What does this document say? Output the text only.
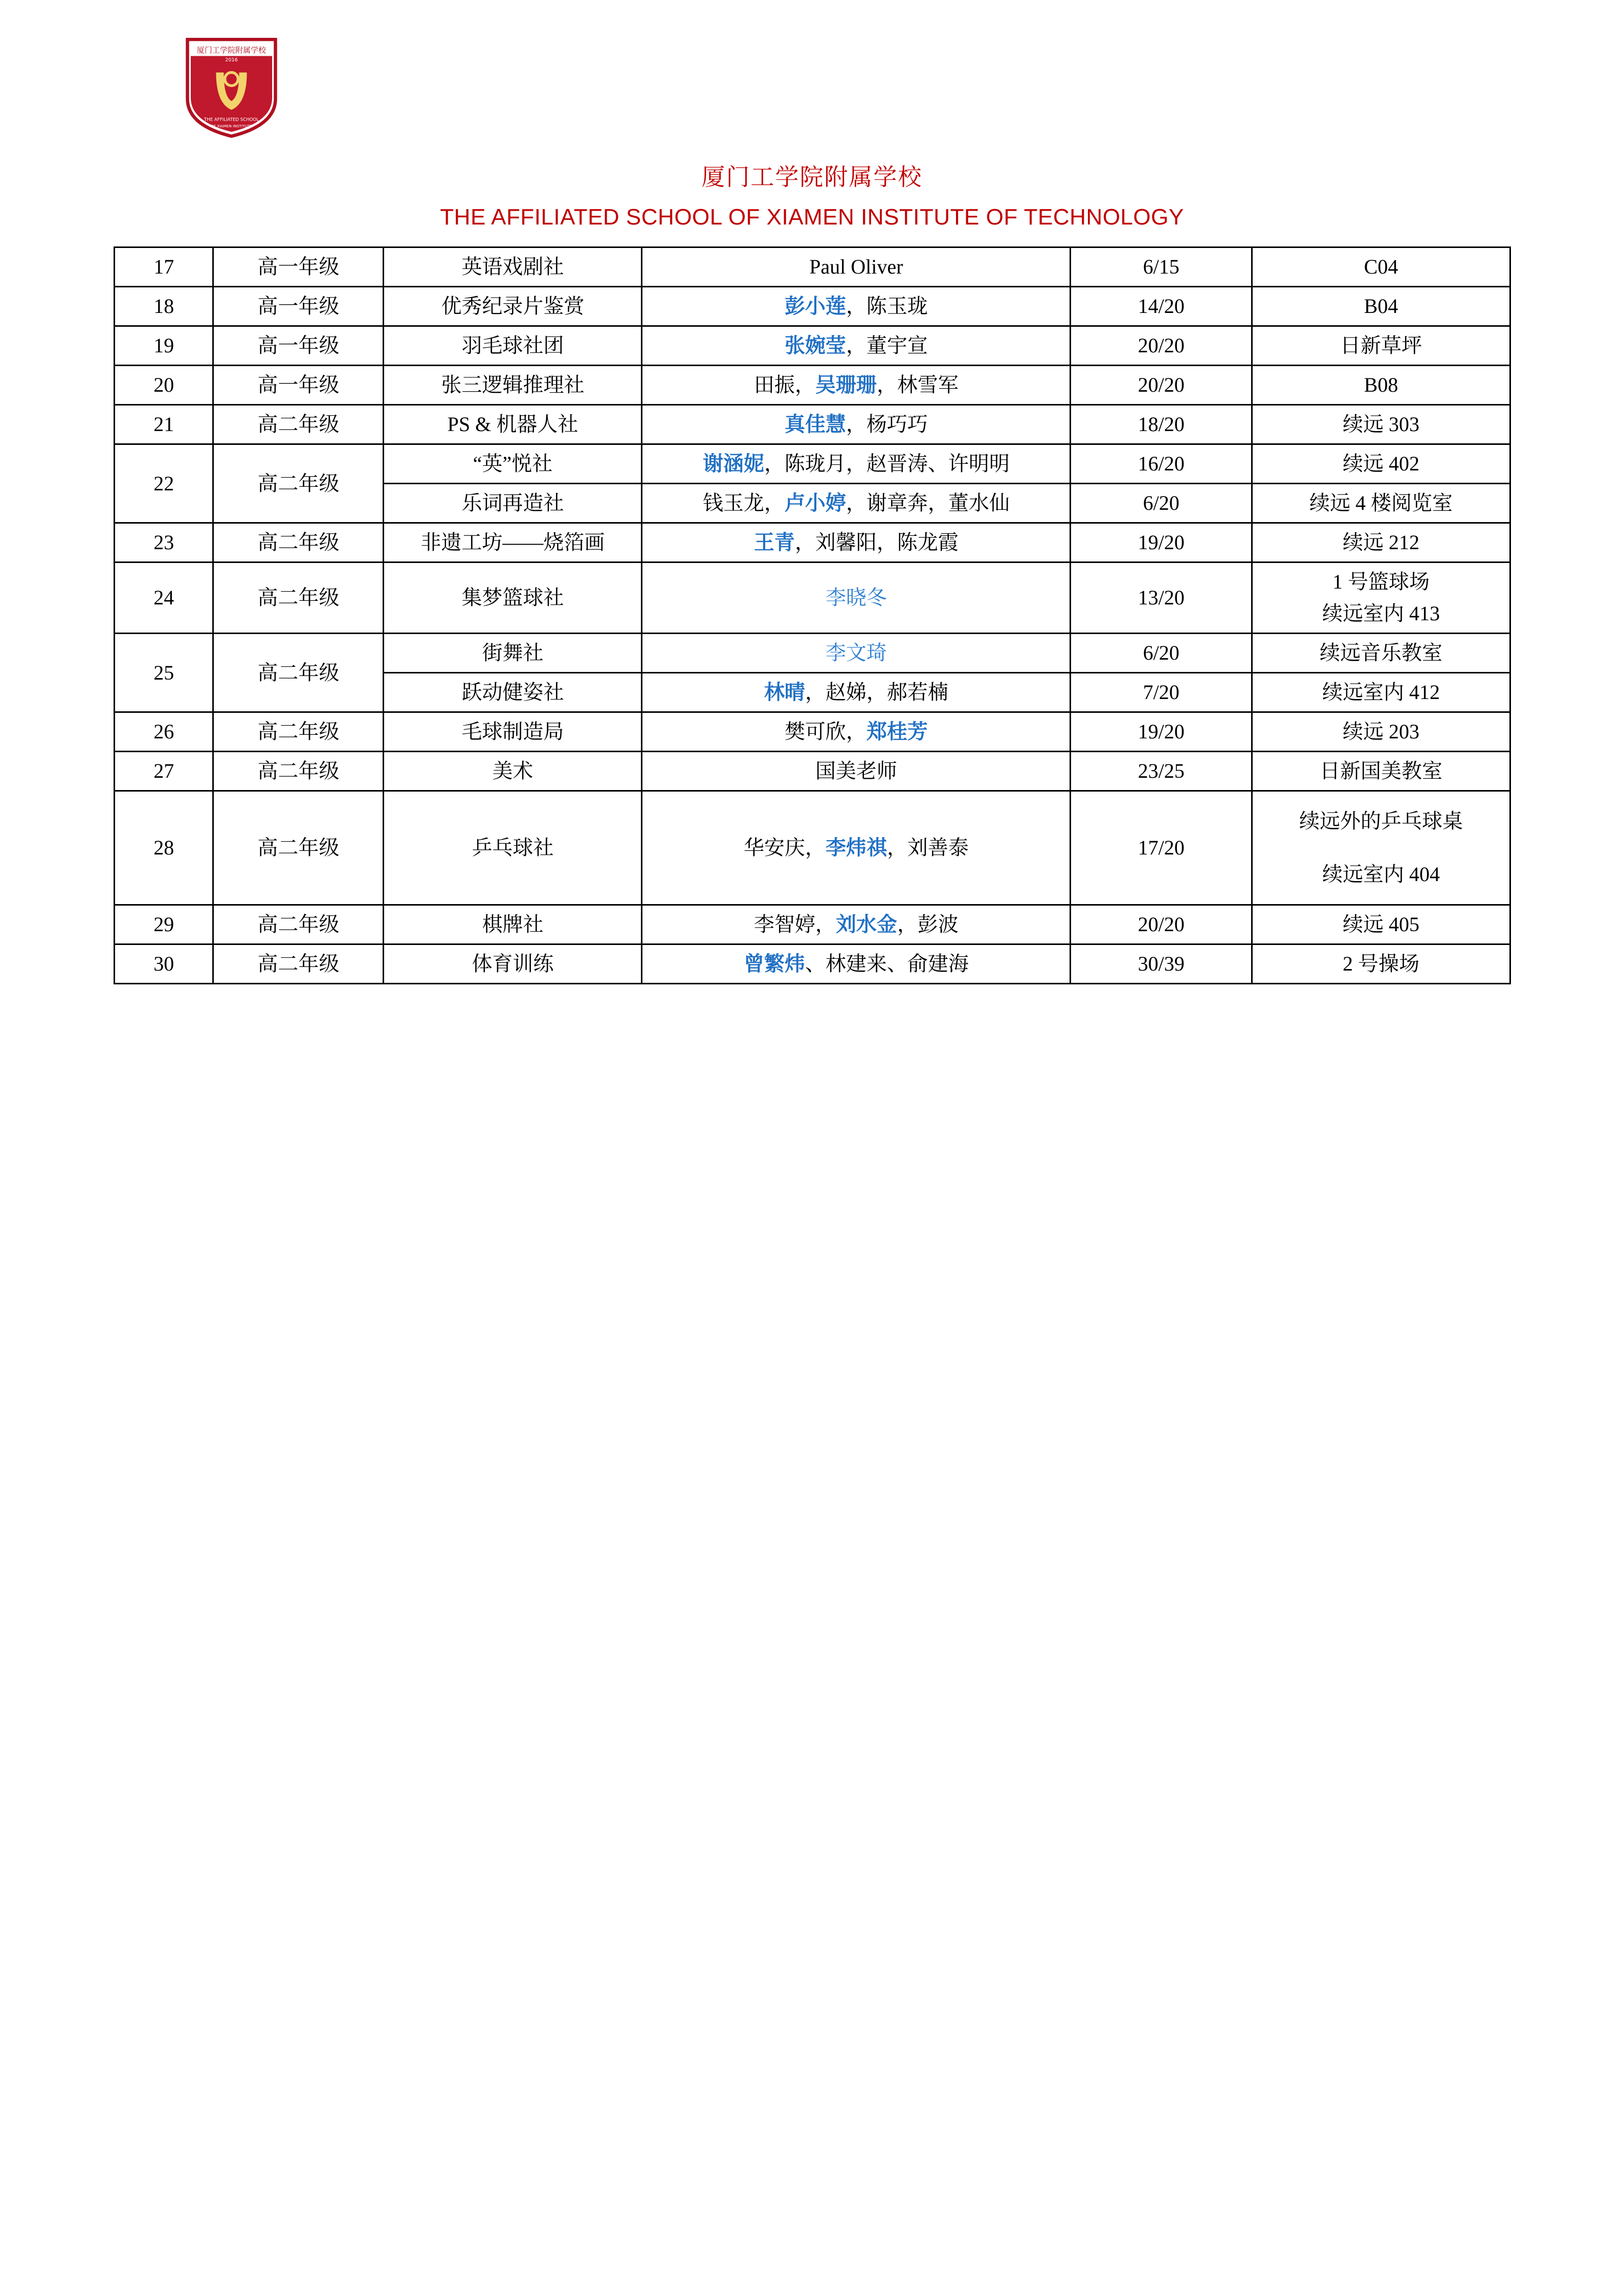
厦门工学院附属学校
2016
THE AFFILIATED SCHOOL
OF XIAMEN INSTITUTE
厦门工学院附属学校
THE AFFILIATED SCHOOL OF XIAMEN INSTITUTE OF TECHNOLOGY
17	高一年级	英语戏剧社	Paul Oliver	6/15	C04
18	高一年级	优秀纪录片鉴赏	彭小莲，陈玉珑	14/20	B04
19	高一年级	羽毛球社团	张婉莹，董宇宣	20/20	日新草坪
20	高一年级	张三逻辑推理社	田振，吴珊珊，林雪军	20/20	B08
21	高二年级	PS & 机器人社	真佳慧，杨巧巧	18/20	续远 303
22	高二年级	“英”悦社	谢涵妮，陈珑月，赵晋涛、许明明	16/20	续远 402
		乐词再造社	钱玉龙，卢小婷，谢章奔，董水仙	6/20	续远 4 楼阅览室
23	高二年级	非遗工坊——烧箔画	王青，刘馨阳，陈龙霞	19/20	续远 212
24	高二年级	集梦篮球社	李晓冬	13/20	1 号篮球场
续远室内 413

25	高二年级	街舞社	李文琦	6/20	续远音乐教室
		跃动健姿社	林晴，赵娣，郝若楠	7/20	续远室内 412
26	高二年级	毛球制造局	樊可欣，郑桂芳	19/20	续远 203
27	高二年级	美术	国美老师	23/25	日新国美教室
28	高二年级	乒乓球社	华安庆，李炜祺，刘善泰	17/20	续远外的乒乓球桌
续远室内 404

29	高二年级	棋牌社	李智婷，刘水金，彭波	20/20	续远 405
30	高二年级	体育训练	曾繁炜、林建来、俞建海	30/39	2 号操场
